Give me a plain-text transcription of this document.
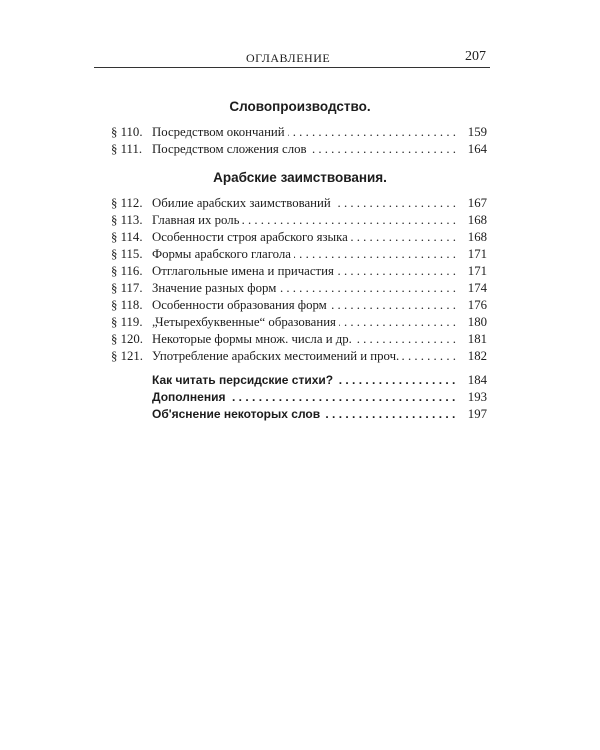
ОГЛАВЛЕНИЕ	207
Словопроизводство.
§ 110. Посредством окончаний . . .	159
§ 111. Посредством сложения слов . . .	164
Арабские заимствования.
§ 112. Обилие арабских заимствований . . .	167
§ 113. Главная их роль . . .	168
§ 114. Особенности строя арабского языка . . .	168
§ 115. Формы арабского глагола . . .	171
§ 116. Отглагольные имена и причастия . . .	171
§ 117. Значение разных форм . . .	174
§ 118. Особенности образования форм . . .	176
§ 119. „Четырехбуквенные“ образования . . .	180
§ 120. Некоторые формы множ. числа и др. . . .	181
§ 121. Употребление арабских местоимений и проч. . . .	182
Как читать персидские стихи? . . .	184
Дополнения . . .	193
Об'яснение некоторых слов . . .	197
